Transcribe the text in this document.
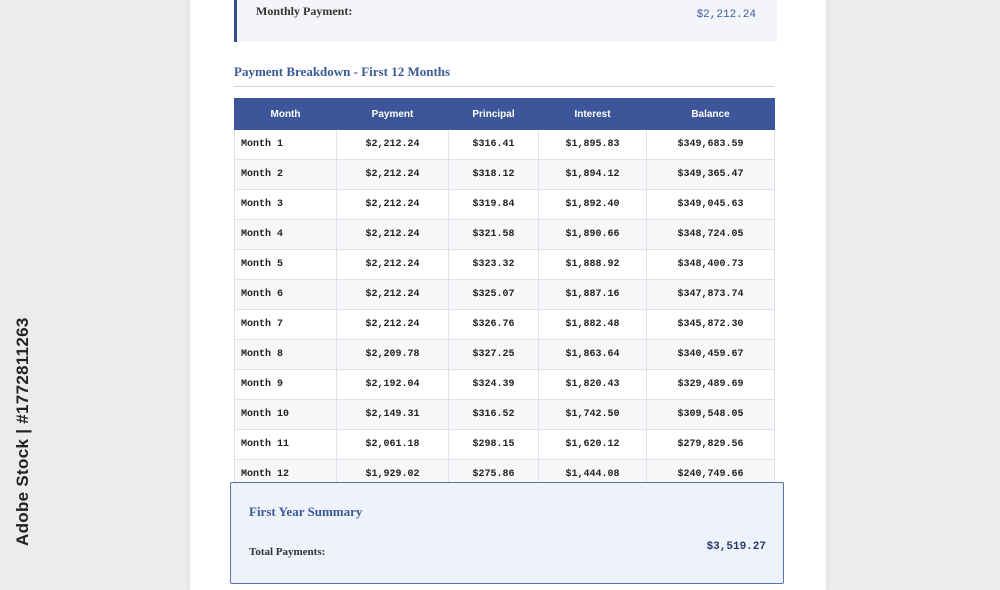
Monthly Payment:	$2,212.24
Payment Breakdown - First 12 Months
Month	Payment	Principal	Interest	Balance
Month 1	$2,212.24	$316.41	$1,895.83	$349,683.59
Month 2	$2,212.24	$318.12	$1,894.12	$349,365.47
Month 3	$2,212.24	$319.84	$1,892.40	$349,045.63
Month 4	$2,212.24	$321.58	$1,890.66	$348,724.05
Month 5	$2,212.24	$323.32	$1,888.92	$348,400.73
Month 6	$2,212.24	$325.07	$1,887.16	$347,873.74
Month 7	$2,212.24	$326.76	$1,882.48	$345,872.30
Month 8	$2,209.78	$327.25	$1,863.64	$340,459.67
Month 9	$2,192.04	$324.39	$1,820.43	$329,489.69
Month 10	$2,149.31	$316.52	$1,742.50	$309,548.05
Month 11	$2,061.18	$298.15	$1,620.12	$279,829.56
Month 12	$1,929.02	$275.86	$1,444.08	$240,749.66
First Year Summary
Total Payments:	$3,519.27
Adobe Stock | #1772811263
